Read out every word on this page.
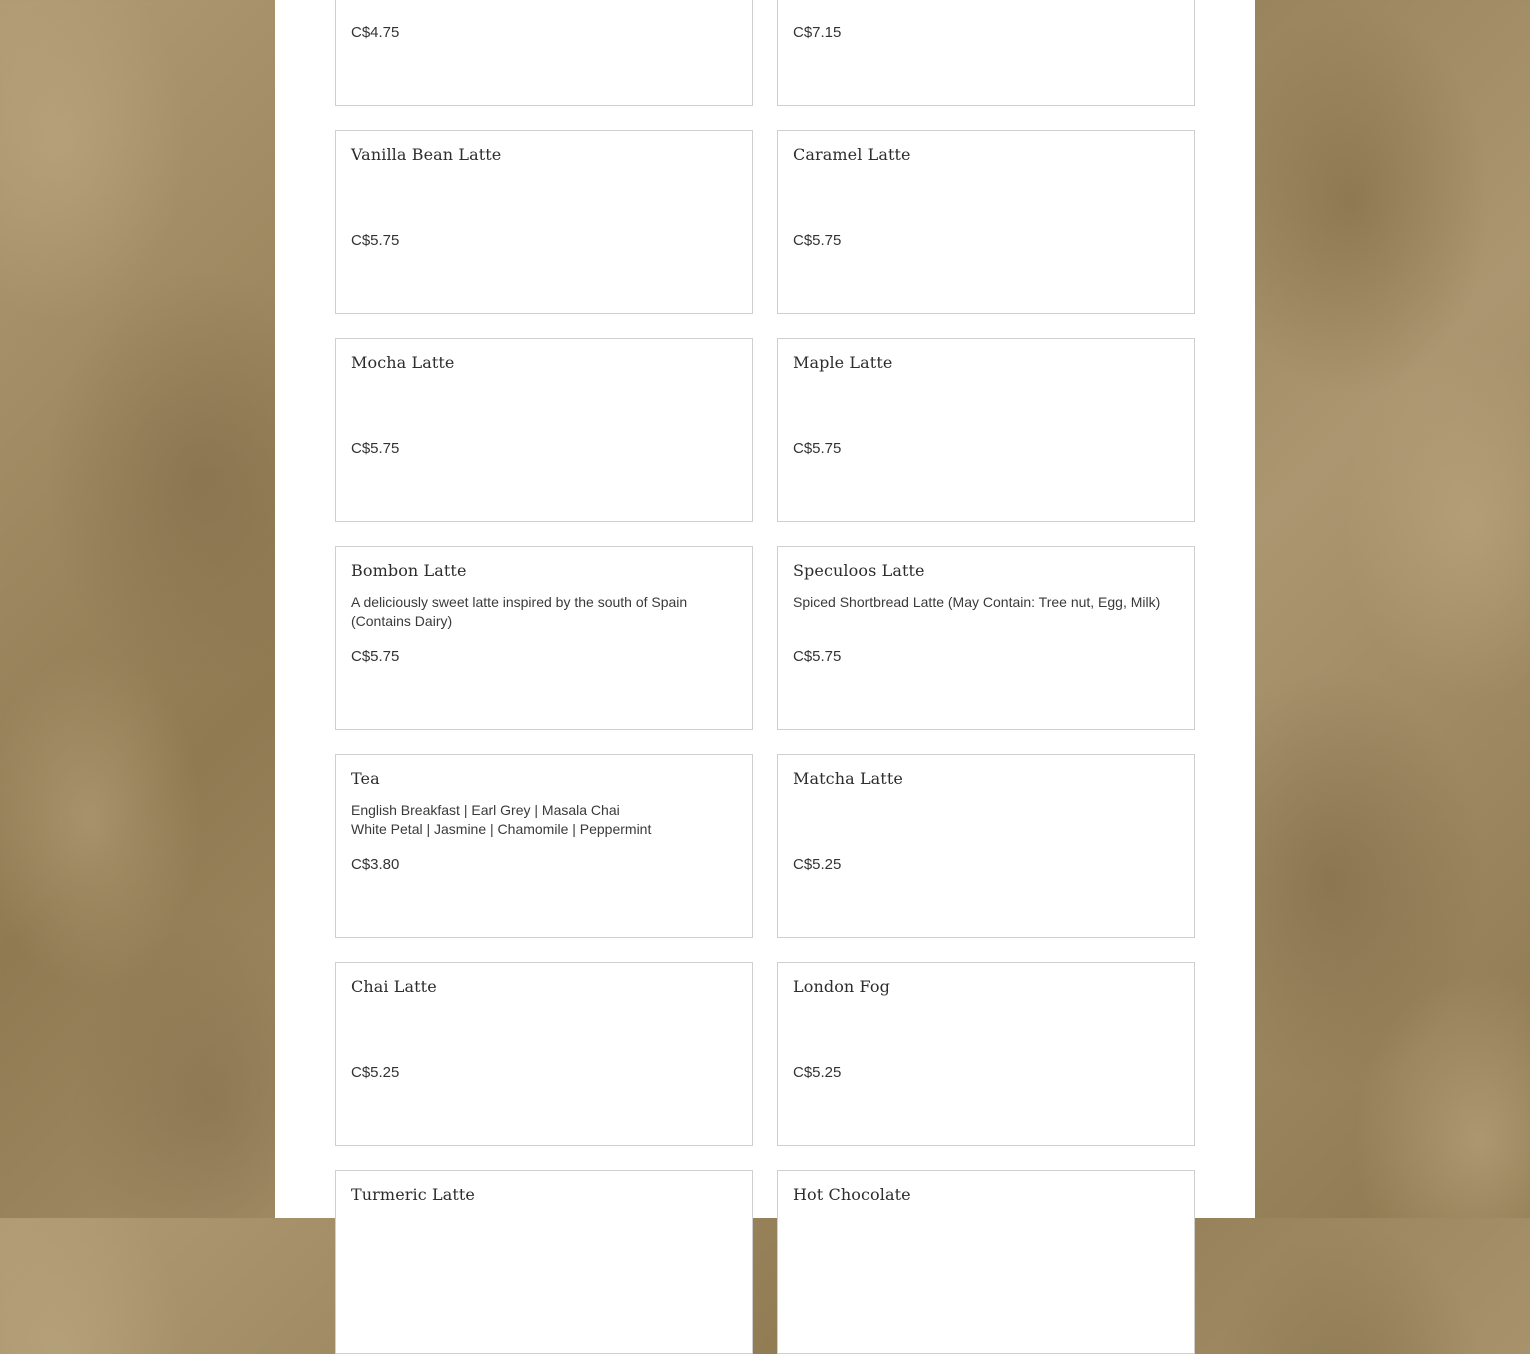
C$4.75	C$7.15
Vanilla Bean Latte
C$5.75
Caramel Latte
C$5.75
Mocha Latte
C$5.75
Maple Latte
C$5.75
Bombon Latte
A deliciously sweet latte inspired by the south of Spain
(Contains Dairy)
C$5.75
Speculoos Latte
Spiced Shortbread Latte (May Contain: Tree nut, Egg, Milk)
C$5.75
Tea
English Breakfast | Earl Grey | Masala Chai
White Petal | Jasmine | Chamomile | Peppermint
C$3.80
Matcha Latte
C$5.25
Chai Latte
C$5.25
London Fog
C$5.25
Turmeric Latte	Hot Chocolate
